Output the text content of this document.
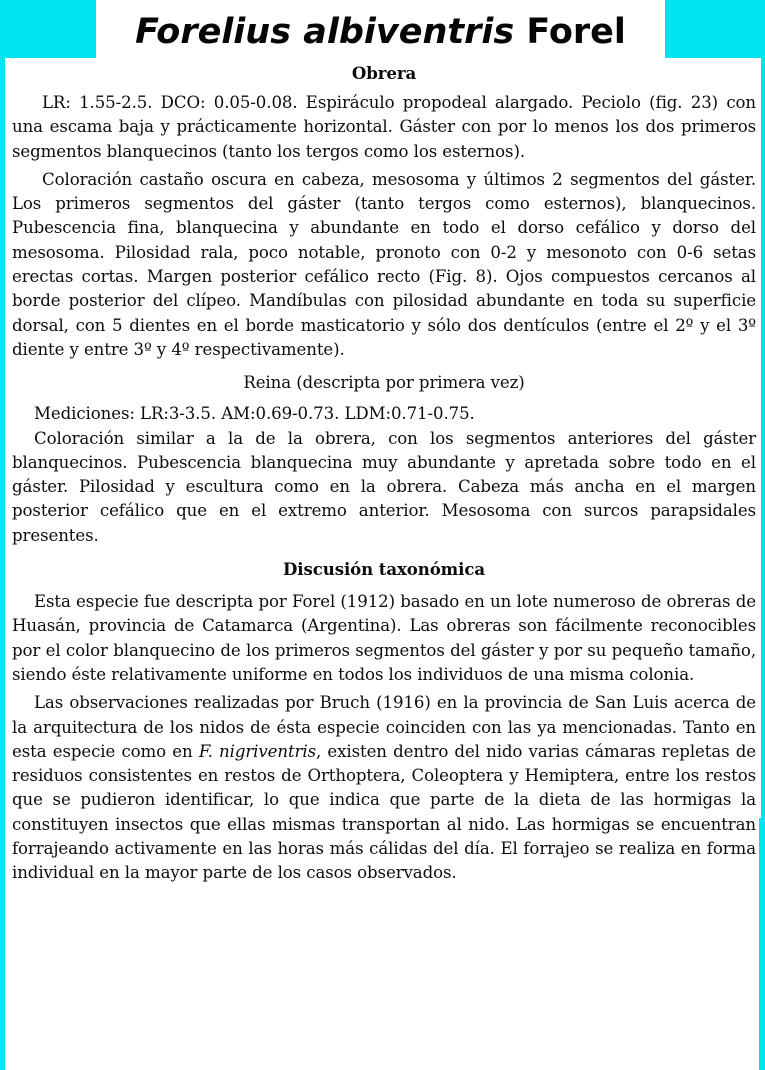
Forelius albiventris Forel
Obrera

LR: 1.55-2.5. DCO: 0.05-0.08. Espiráculo propodeal alargado. Peciolo (fig. 23) con una escama baja y prácticamente horizontal. Gáster con por lo menos los dos primeros segmentos blanquecinos (tanto los tergos como los esternos).

Coloración castaño oscura en cabeza, mesosoma y últimos 2 segmentos del gáster. Los primeros segmentos del gáster (tanto tergos como esternos), blanquecinos. Pubescencia fina, blanquecina y abundante en todo el dorso cefálico y dorso del mesosoma. Pilosidad rala, poco notable, pronoto con 0-2 y mesonoto con 0-6 setas erectas cortas. Margen posterior cefálico recto (Fig. 8). Ojos compuestos cercanos al borde posterior del clípeo. Mandíbulas con pilosidad abundante en toda su superficie dorsal, con 5 dientes en el borde masticatorio y sólo dos dentículos (entre el 2º y el 3º diente y entre 3º y 4º respectivamente).

Reina (descripta por primera vez)

Mediciones: LR:3-3.5. AM:0.69-0.73. LDM:0.71-0.75.

Coloración similar a la de la obrera, con los segmentos anteriores del gáster blanquecinos. Pubescencia blanquecina muy abundante y apretada sobre todo en el gáster. Pilosidad y escultura como en la obrera. Cabeza más ancha en el margen posterior cefálico que en el extremo anterior. Mesosoma con surcos parapsidales presentes.

Discusión taxonómica

Esta especie fue descripta por Forel (1912) basado en un lote numeroso de obreras de Huasán, provincia de Catamarca (Argentina). Las obreras son fácilmente reconocibles por el color blanquecino de los primeros segmentos del gáster y por su pequeño tamaño, siendo éste relativamente uniforme en todos los individuos de una misma colonia.

Las observaciones realizadas por Bruch (1916) en la provincia de San Luis acerca de la arquitectura de los nidos de ésta especie coinciden con las ya mencionadas. Tanto en esta especie como en F. nigriventris, existen dentro del nido varias cámaras repletas de residuos consistentes en restos de Orthoptera, Coleoptera y Hemiptera, entre los restos que se pudieron identificar, lo que indica que parte de la dieta de las hormigas la constituyen insectos que ellas mismas transportan al nido. Las hormigas se encuentran forrajeando activamente en las horas más cálidas del día. El forrajeo se realiza en forma individual en la mayor parte de los casos observados.
